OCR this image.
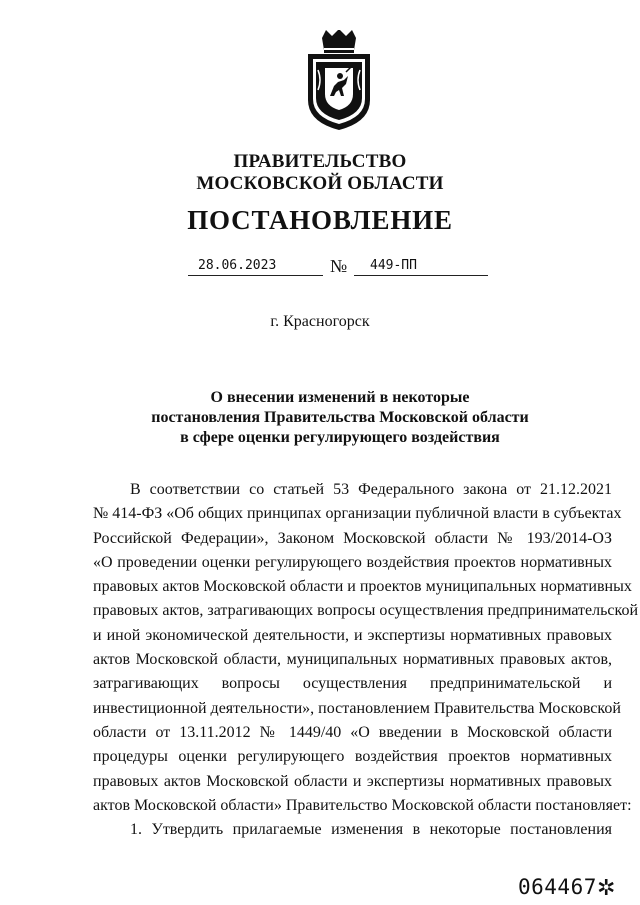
ПРАВИТЕЛЬСТВО
МОСКОВСКОЙ ОБЛАСТИ
ПОСТАНОВЛЕНИЕ
28.06.2023	№	449-ПП
г. Красногорск
О внесении изменений в некоторые
постановления Правительства Московской области
в сфере оценки регулирующего воздействия
В соответствии со статьей 53 Федерального закона от 21.12.2021
№ 414-ФЗ «Об общих принципах организации публичной власти в субъектах
Российской Федерации», Законом Московской области № 193/2014-ОЗ
«О проведении оценки регулирующего воздействия проектов нормативных
правовых актов Московской области и проектов муниципальных нормативных
правовых актов, затрагивающих вопросы осуществления предпринимательской
и иной экономической деятельности, и экспертизы нормативных правовых
актов Московской области, муниципальных нормативных правовых актов,
затрагивающих вопросы осуществления предпринимательской и
инвестиционной деятельности», постановлением Правительства Московской
области от 13.11.2012 № 1449/40 «О введении в Московской области
процедуры оценки регулирующего воздействия проектов нормативных
правовых актов Московской области и экспертизы нормативных правовых
актов Московской области» Правительство Московской области постановляет:
1. Утвердить прилагаемые изменения в некоторые постановления
064467 ✲
